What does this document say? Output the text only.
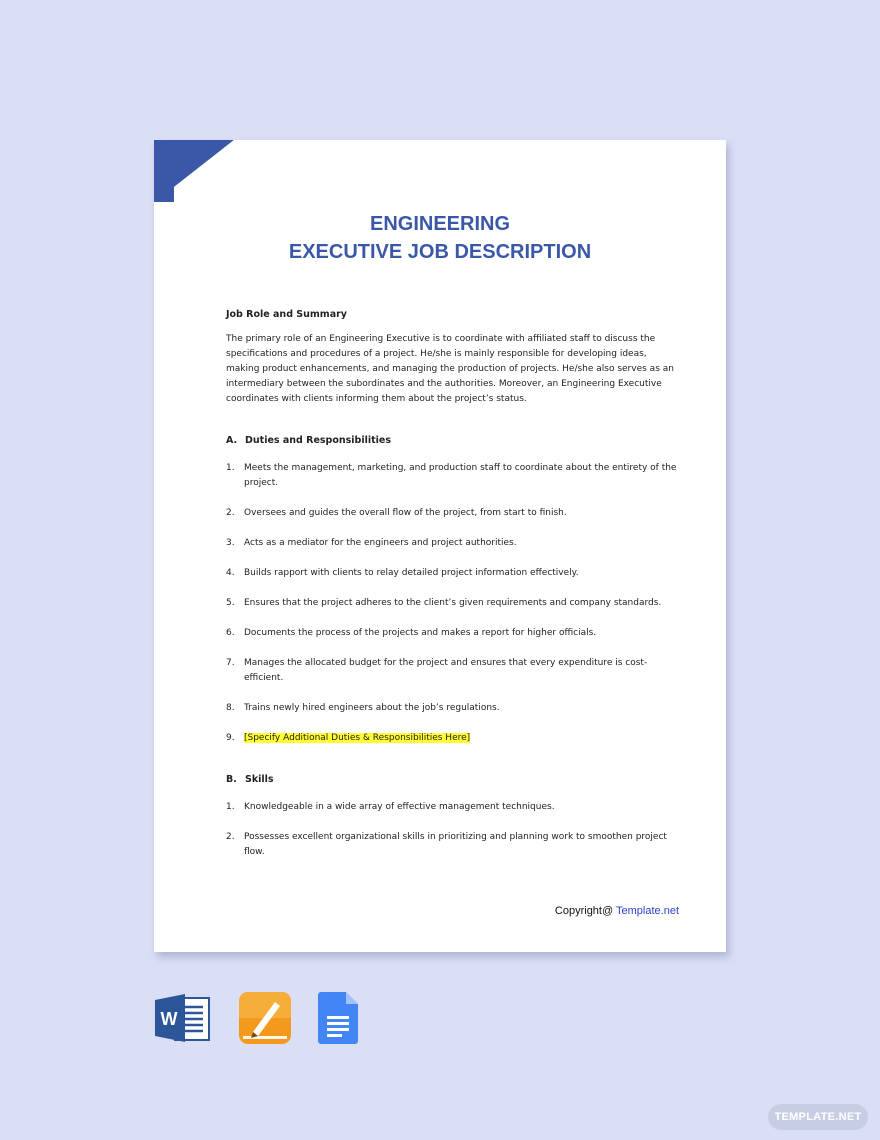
ENGINEERING
EXECUTIVE JOB DESCRIPTION

Job Role and Summary

The primary role of an Engineering Executive is to coordinate with affiliated staff to discuss the specifications and procedures of a project. He/she is mainly responsible for developing ideas, making product enhancements, and managing the production of projects. He/she also serves as an intermediary between the subordinates and the authorities. Moreover, an Engineering Executive coordinates with clients informing them about the project’s status.

A. Duties and Responsibilities
1.	Meets the management, marketing, and production staff to coordinate about the entirety of the project.
2.	Oversees and guides the overall flow of the project, from start to finish.
3.	Acts as a mediator for the engineers and project authorities.
4.	Builds rapport with clients to relay detailed project information effectively.
5.	Ensures that the project adheres to the client’s given requirements and company standards.
6.	Documents the process of the projects and makes a report for higher officials.
7.	Manages the allocated budget for the project and ensures that every expenditure is cost-efficient.
8.	Trains newly hired engineers about the job’s regulations.
9.	[Specify Additional Duties & Responsibilities Here]
B. Skills
1.	Knowledgeable in a wide array of effective management techniques.
2.	Possesses excellent organizational skills in prioritizing and planning work to smoothen project flow.
Copyright@ Template.net
W
TEMPLATE.NET
